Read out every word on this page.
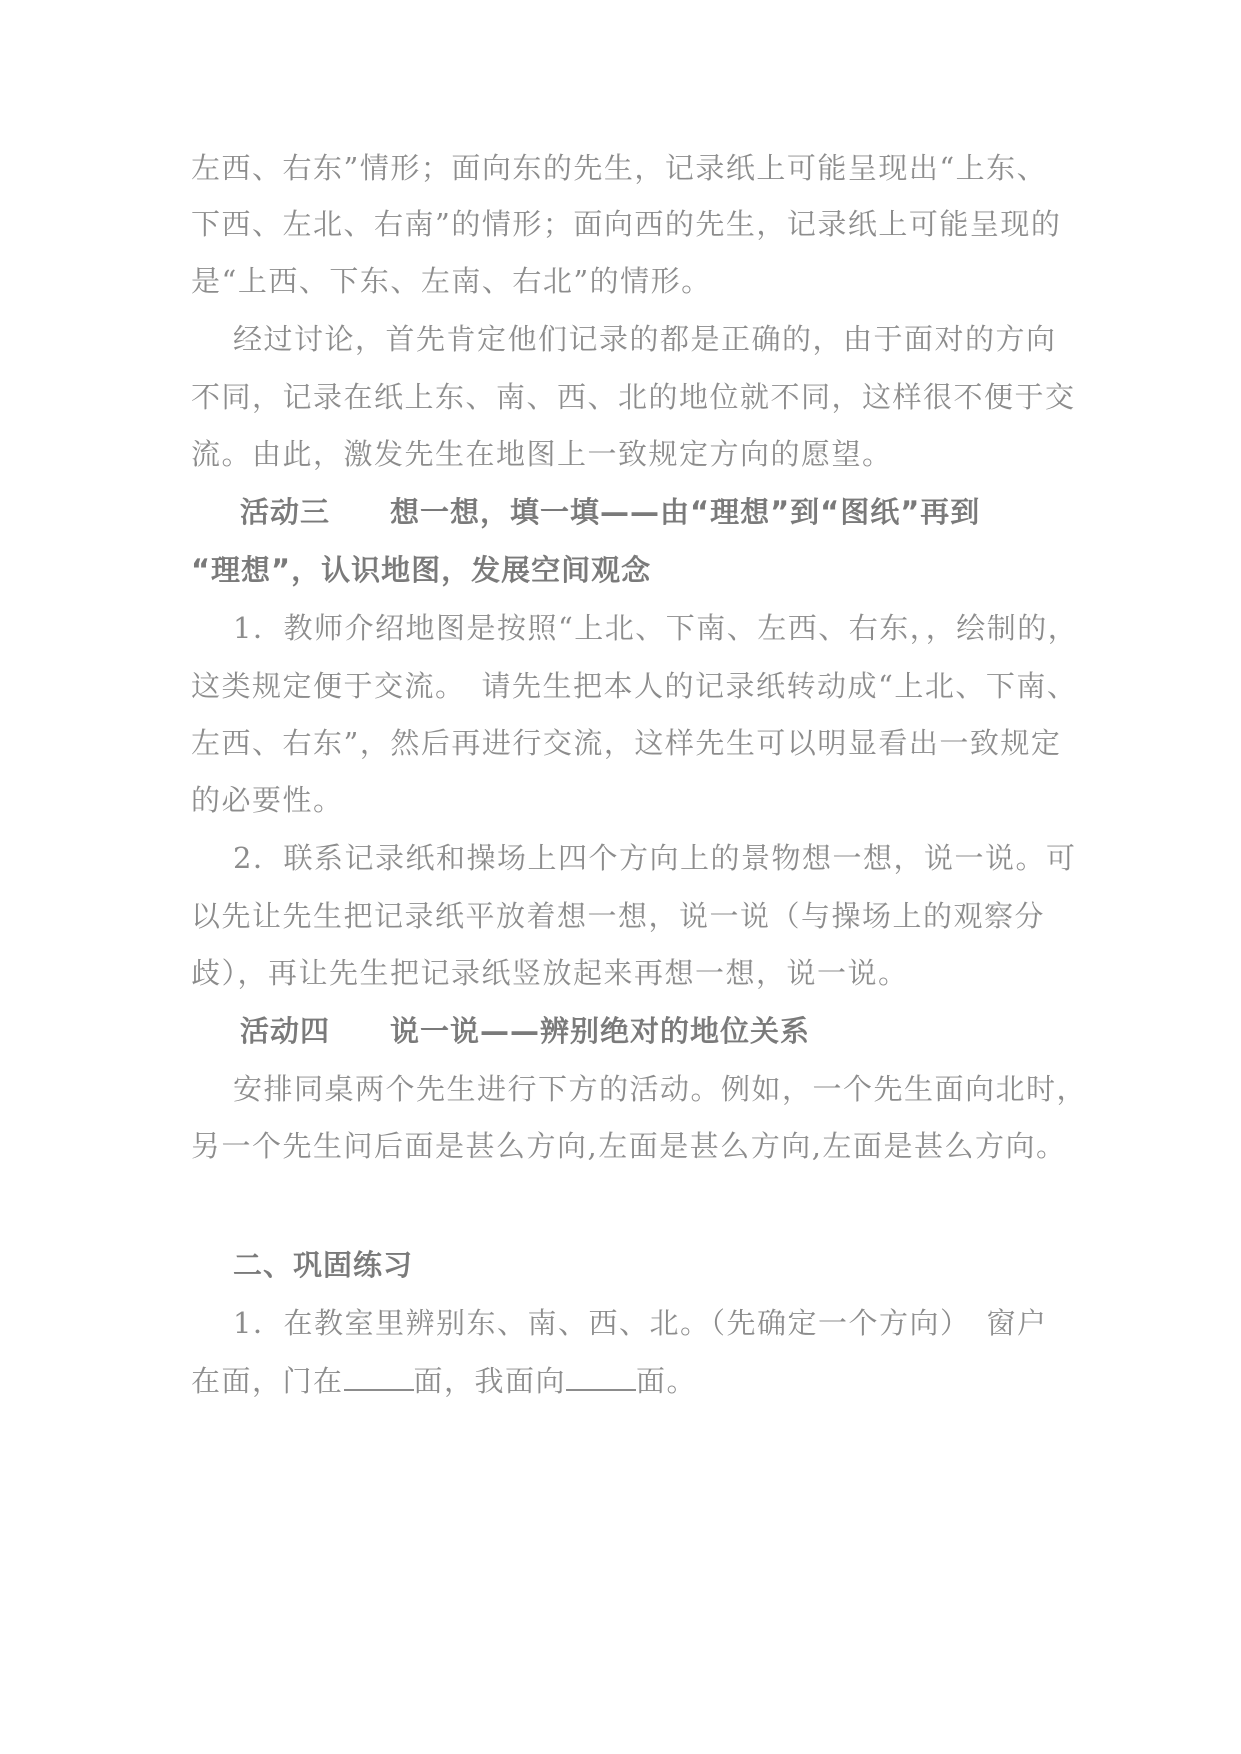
左西、右东”情形；面向东的先生，记录纸上可能呈现出“上东、
下西、左北、右南”的情形；面向西的先生，记录纸上可能呈现的
是“上西、下东、左南、右北”的情形。
经过讨论，首先肯定他们记录的都是正确的，由于面对的方向
不同，记录在纸上东、南、西、北的地位就不同，这样很不便于交
流。由此，激发先生在地图上一致规定方向的愿望。
活动三 想一想，填一填——由“理想”到“图纸”再到
“理想”，认识地图，发展空间观念
1．教师介绍地图是按照“上北、下南、左西、右东，，绘制的，
这类规定便于交流。　请先生把本人的记录纸转动成“上北、下南、
左西、右东”，然后再进行交流，这样先生可以明显看出一致规定
的必要性。
2．联系记录纸和操场上四个方向上的景物想一想，说一说。可
以先让先生把记录纸平放着想一想，说一说（与操场上的观察分
歧），再让先生把记录纸竖放起来再想一想，说一说。
活动四 说一说——辨别绝对的地位关系
安排同桌两个先生进行下方的活动。例如，一个先生面向北时，
另一个先生问后面是甚么方向,左面是甚么方向,左面是甚么方向。
二、巩固练习
1．在教室里辨别东、南、西、北。（先确定一个方向）　窗户
在面，门在 面，我面向 面。
